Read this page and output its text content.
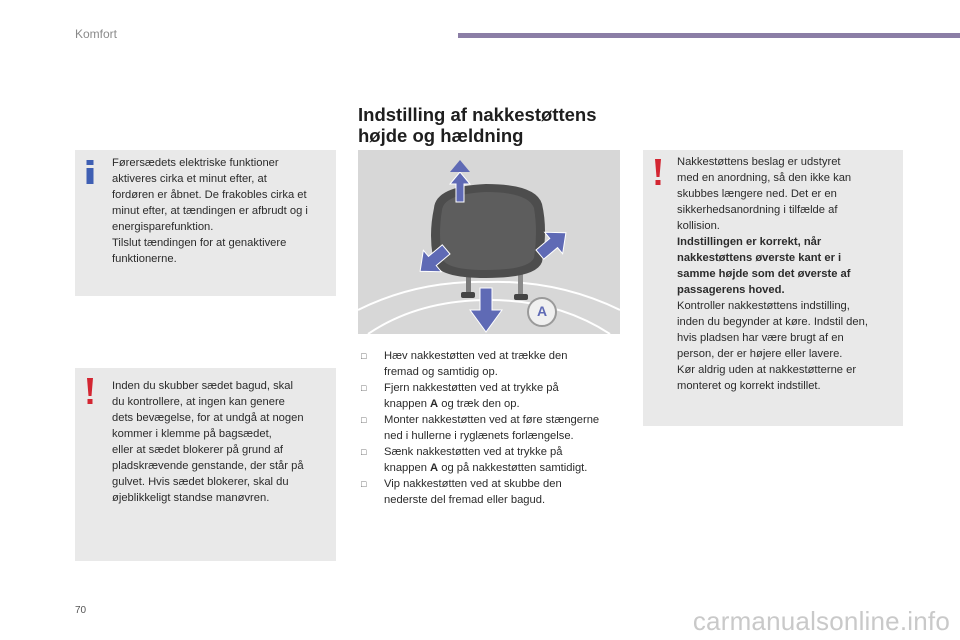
Komfort

Førersædets elektriske funktioner

aktiveres cirka et minut efter, at

fordøren er åbnet. De frakobles cirka et

minut efter, at tændingen er afbrudt og i

energisparefunktion.

Tilslut tændingen for at genaktivere

funktionerne.

Inden du skubber sædet bagud, skal

du kontrollere, at ingen kan genere

dets bevægelse, for at undgå at nogen

kommer i klemme på bagsædet,

eller at sædet blokerer på grund af

pladskrævende genstande, der står på

gulvet. Hvis sædet blokerer, skal du

øjeblikkeligt standse manøvren.

Indstilling af nakkestøttens
højde og hældning
A
□ Hæv nakkestøtten ved at trække den
fremad og samtidig op.
□ Fjern nakkestøtten ved at trykke på
knappen A og træk den op.
□ Monter nakkestøtten ved at føre stængerne
ned i hullerne i ryglænets forlængelse.
□ Sænk nakkestøtten ved at trykke på
knappen A og på nakkestøtten samtidigt.
□ Vip nakkestøtten ved at skubbe den
nederste del fremad eller bagud.

Nakkestøttens beslag er udstyret

med en anordning, så den ikke kan

skubbes længere ned. Det er en

sikkerhedsanordning i tilfælde af

kollision.

Indstillingen er korrekt, når

nakkestøttens øverste kant er i

samme højde som det øverste af

passagerens hoved.

Kontroller nakkestøttens indstilling,

inden du begynder at køre. Indstil den,

hvis pladsen har være brugt af en

person, der er højere eller lavere.

Kør aldrig uden at nakkestøtterne er

monteret og korrekt indstillet.

70	carmanualsonline.info
